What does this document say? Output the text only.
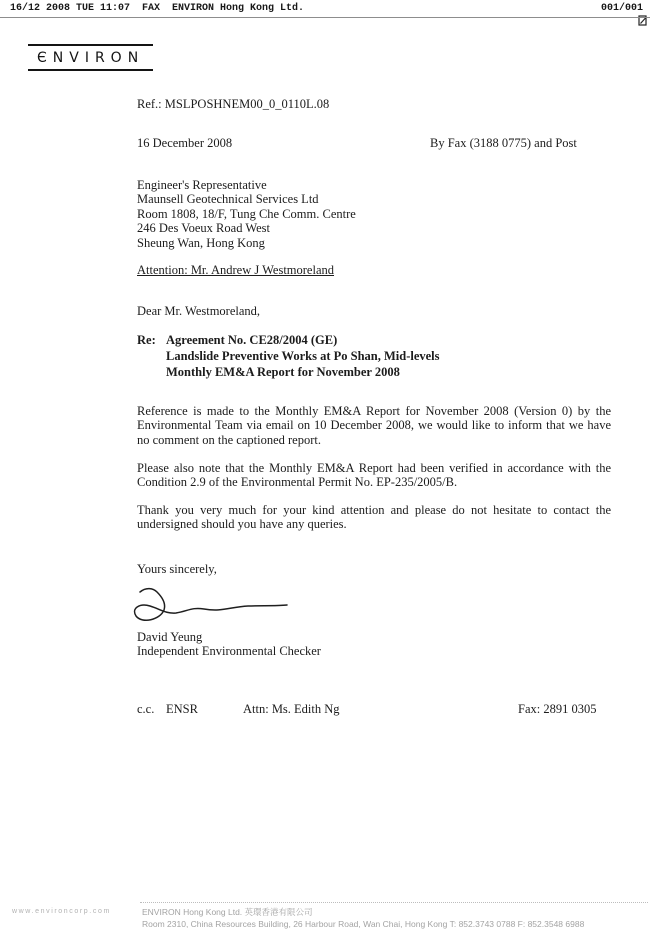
16/12 2008 TUE 11:07  FAX  ENVIRON Hong Kong Ltd.

	001/001

ЄNVIRON
Ref.: MSLPOSHNEM00_0_0110L.08
16 December 2008	By Fax (3188 0775) and Post
Engineer's Representative
Maunsell Geotechnical Services Ltd
Room 1808, 18/F, Tung Che Comm. Centre
246 Des Voeux Road West
Sheung Wan, Hong Kong
Attention: Mr. Andrew J Westmoreland
Dear Mr. Westmoreland,
Re: Agreement No. CE28/2004 (GE)
Landslide Preventive Works at Po Shan, Mid-levels
Monthly EM&A Report for November 2008
Reference is made to the Monthly EM&A Report for November 2008 (Version 0) by the Environmental Team via email on 10 December 2008, we would like to inform that we have no comment on the captioned report.
Please also note that the Monthly EM&A Report had been verified in accordance with the Condition 2.9 of the Environmental Permit No. EP-235/2005/B.
Thank you very much for your kind attention and please do not hesitate to contact the undersigned should you have any queries.
Yours sincerely,
David Yeung
Independent Environmental Checker
c.c. ENSR	Attn: Ms. Edith Ng	Fax: 2891 0305
www.environcorp.com	ENVIRON Hong Kong Ltd. 英環香港有限公司
Room 2310, China Resources Building, 26 Harbour Road, Wan Chai, Hong Kong T: 852.3743 0788 F: 852.3548 6988
